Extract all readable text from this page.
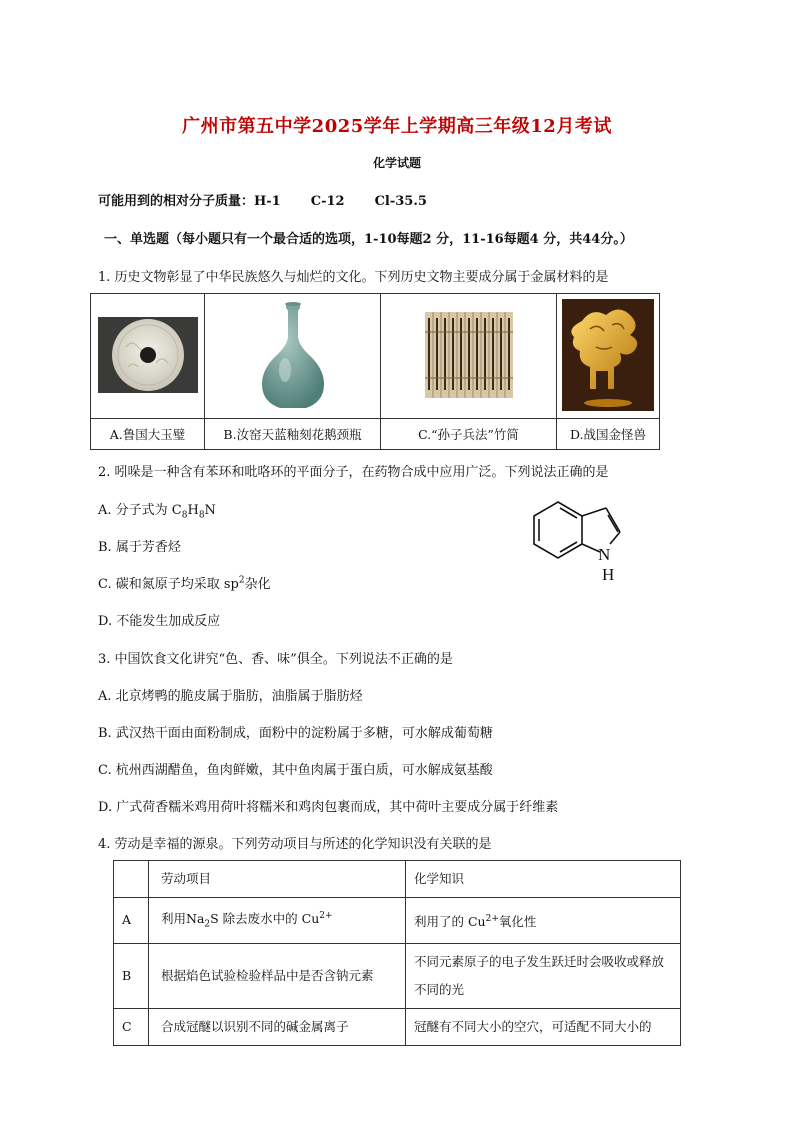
广州市第五中学2025学年上学期高三年级12月考试
化学试题
可能用到的相对分子质量：H-1 C-12 Cl-35.5
一、单选题（每小题只有一个最合适的选项，1-10每题2 分，11-16每题4 分，共44分。）
1. 历史文物彰显了中华民族悠久与灿烂的文化。下列历史文物主要成分属于金属材料的是

A.鲁国大玉璧	B.汝窑天蓝釉刻花鹅颈瓶	C.“孙子兵法”竹简	D.战国金怪兽
2. 吲哚是一种含有苯环和吡咯环的平面分子，在药物合成中应用广泛。下列说法正确的是
A. 分子式为 $C_8H_8N$
B. 属于芳香烃
C. 碳和氮原子均采取 $sp^2$杂化
D. 不能发生加成反应
N
H
3. 中国饮食文化讲究“色、香、味”俱全。下列说法不正确的是
A. 北京烤鸭的脆皮属于脂肪，油脂属于脂肪烃
B. 武汉热干面由面粉制成，面粉中的淀粉属于多糖，可水解成葡萄糖
C. 杭州西湖醋鱼，鱼肉鲜嫩，其中鱼肉属于蛋白质，可水解成氨基酸
D. 广式荷香糯米鸡用荷叶将糯米和鸡肉包裹而成，其中荷叶主要成分属于纤维素
4. 劳动是幸福的源泉。下列劳动项目与所述的化学知识没有关联的是
	劳动项目	化学知识
A	利用$Na_2S$ 除去废水中的 $Cu^{2+}$	利用了的 $Cu^{2+}$氧化性
B	根据焰色试验检验样品中是否含钠元素	不同元素原子的电子发生跃迁时会吸收或释放不同的光
C	合成冠醚以识别不同的碱金属离子	冠醚有不同大小的空穴，可适配不同大小的
